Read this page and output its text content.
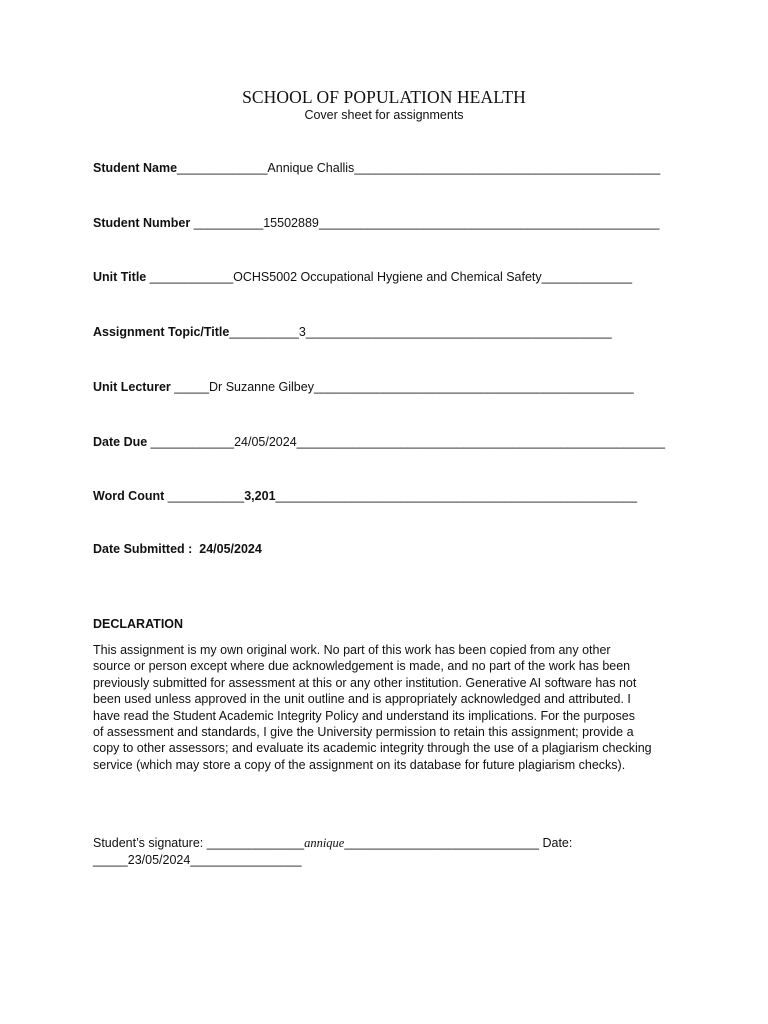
SCHOOL OF POPULATION HEALTH
Cover sheet for assignments
Student Name_____________Annique Challis____________________________________________
Student Number __________15502889_________________________________________________
Unit Title ____________OCHS5002 Occupational Hygiene and Chemical Safety_____________
Assignment Topic/Title__________3____________________________________________
Unit Lecturer _____Dr Suzanne Gilbey______________________________________________
Date Due ____________24/05/2024_____________________________________________________
Word Count ___________3,201____________________________________________________
Date Submitted : 24/05/2024
DECLARATION
This assignment is my own original work. No part of this work has been copied from any other
source or person except where due acknowledgement is made, and no part of the work has been
previously submitted for assessment at this or any other institution. Generative AI software has not
been used unless approved in the unit outline and is appropriately acknowledged and attributed. I
have read the Student Academic Integrity Policy and understand its implications. For the purposes
of assessment and standards, I give the University permission to retain this assignment; provide a
copy to other assessors; and evaluate its academic integrity through the use of a plagiarism checking
service (which may store a copy of the assignment on its database for future plagiarism checks).
Student’s signature: ______________annique____________________________ Date:
_____23/05/2024________________
